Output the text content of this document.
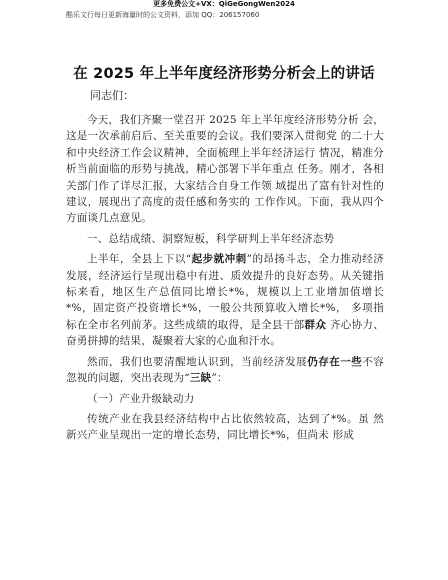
更多免费公文+VX：QiGeGongWen2024
酷乐文行每日更新海量时的公文资料，添加 QQ：206157060
在 2025 年上半年度经济形势分析会上的讲话
同志们：

今天，我们齐聚一堂召开 2025 年上半年度经济形势分析 会，这是一次承前启后、至关重要的会议。我们要深入贯彻党 的二十大和中央经济工作会议精神，全面梳理上半年经济运行 情况，精准分析当前面临的形势与挑战，精心部署下半年重点 任务。刚才，各相关部门作了详尽汇报，大家结合自身工作领 域提出了富有针对性的建议，展现出了高度的责任感和务实的 工作作风。下面，我从四个方面谈几点意见。

一、总结成绩、洞察短板，科学研判上半年经济态势

上半年，全县上下以“起步就冲刺”的昂扬斗志，全力推动经济发展，经济运行呈现出稳中有进、质效提升的良好态势。从关键指标来看，地区生产总值同比增长*%，规模以上工业增加值增长*%，固定资产投资增长*%，一般公共预算收入增长*%， 多项指标在全市名列前茅。这些成绩的取得，是全县干部群众 齐心协力、奋勇拼搏的结果，凝聚着大家的心血和汗水。

然而，我们也要清醒地认识到，当前经济发展仍存在一些不容忽视的问题，突出表现为“三缺”：

（一）产业升级缺动力

传统产业在我县经济结构中占比依然较高，达到了*%。虽 然新兴产业呈现出一定的增长态势，同比增长*%，但尚未 形成
